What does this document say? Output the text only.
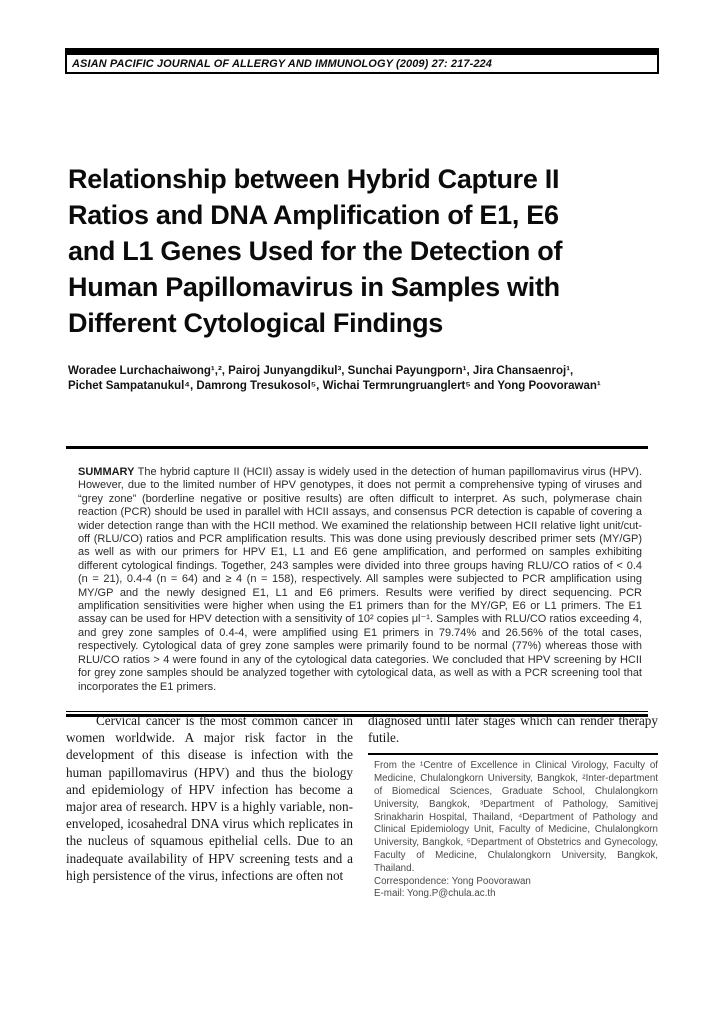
ASIAN PACIFIC JOURNAL OF ALLERGY AND IMMUNOLOGY (2009) 27: 217-224
Relationship between Hybrid Capture II
Ratios and DNA Amplification of E1, E6
and L1 Genes Used for the Detection of
Human Papillomavirus in Samples with
Different Cytological Findings
Woradee Lurchachaiwong¹,², Pairoj Junyangdikul³, Sunchai Payungporn¹, Jira Chansaenroj¹,
Pichet Sampatanukul⁴, Damrong Tresukosol⁵, Wichai Termrungruanglert⁵ and Yong Poovorawan¹

SUMMARY The hybrid capture II (HCII) assay is widely used in the detection of human papillomavirus virus (HPV). However, due to the limited number of HPV genotypes, it does not permit a comprehensive typing of viruses and “grey zone” (borderline negative or positive results) are often difficult to interpret. As such, polymerase chain reaction (PCR) should be used in parallel with HCII assays, and consensus PCR detection is capable of covering a wider detection range than with the HCII method. We examined the relationship between HCII relative light unit/cut-off (RLU/CO) ratios and PCR amplification results. This was done using previously described primer sets (MY/GP) as well as with our primers for HPV E1, L1 and E6 gene amplification, and performed on samples exhibiting different cytological findings. Together, 243 samples were divided into three groups having RLU/CO ratios of < 0.4 (n = 21), 0.4-4 (n = 64) and ≥ 4 (n = 158), respectively. All samples were subjected to PCR amplification using MY/GP and the newly designed E1, L1 and E6 primers. Results were verified by direct sequencing. PCR amplification sensitivities were higher when using the E1 primers than for the MY/GP, E6 or L1 primers. The E1 assay can be used for HPV detection with a sensitivity of 10² copies μl⁻¹. Samples with RLU/CO ratios exceeding 4, and grey zone samples of 0.4-4, were amplified using E1 primers in 79.74% and 26.56% of the total cases, respectively. Cytological data of grey zone samples were primarily found to be normal (77%) whereas those with RLU/CO ratios > 4 were found in any of the cytological data categories. We concluded that HPV screening by HCII for grey zone samples should be analyzed together with cytological data, as well as with a PCR screening tool that incorporates the E1 primers.

Cervical cancer is the most common cancer in women worldwide. A major risk factor in the development of this disease is infection with the human papillomavirus (HPV) and thus the biology and epidemiology of HPV infection has become a major area of research. HPV is a highly variable, non-enveloped, icosahedral DNA virus which replicates in the nucleus of squamous epithelial cells. Due to an inadequate availability of HPV screening tests and a high persistence of the virus, infections are often not

diagnosed until later stages which can render therapy futile.

From the ¹Centre of Excellence in Clinical Virology, Faculty of Medicine, Chulalongkorn University, Bangkok, ²Inter-department of Biomedical Sciences, Graduate School, Chulalongkorn University, Bangkok, ³Department of Pathology, Samitivej Srinakharin Hospital, Thailand, ⁴Department of Pathology and Clinical Epidemiology Unit, Faculty of Medicine, Chulalongkorn University, Bangkok, ⁵Department of Obstetrics and Gynecology, Faculty of Medicine, Chulalongkorn University, Bangkok, Thailand.
Correspondence: Yong Poovorawan
E-mail: Yong.P@chula.ac.th
